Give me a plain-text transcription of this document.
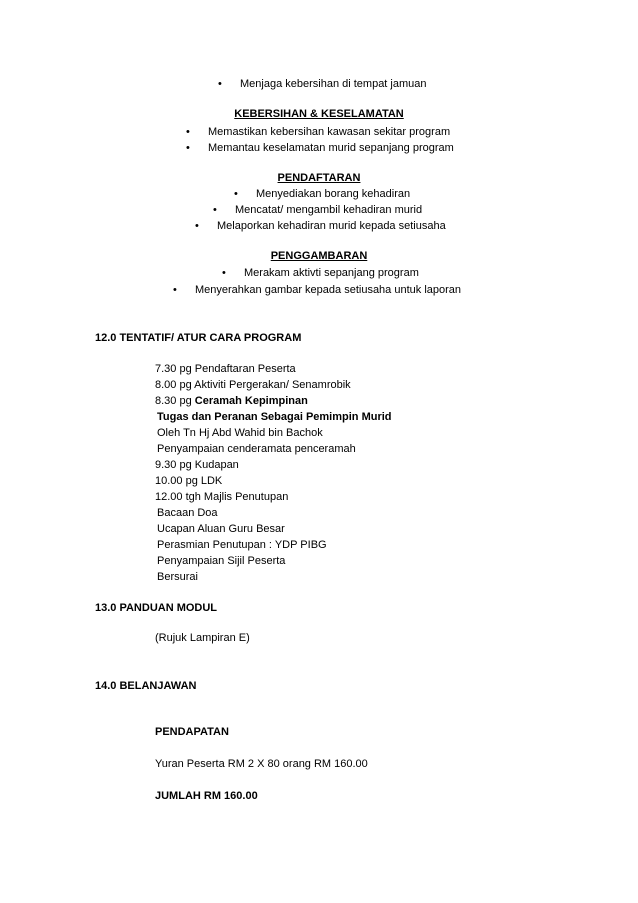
• Menjaga kebersihan di tempat jamuan
KEBERSIHAN & KESELAMATAN
• Memastikan kebersihan kawasan sekitar program
• Memantau keselamatan murid sepanjang program
PENDAFTARAN
• Menyediakan borang kehadiran
• Mencatat/ mengambil kehadiran murid
• Melaporkan kehadiran murid kepada setiusaha
PENGGAMBARAN
• Merakam aktivti sepanjang program
• Menyerahkan gambar kepada setiusaha untuk laporan
12.0 TENTATIF/ ATUR CARA PROGRAM
7.30 pg Pendaftaran Peserta
8.00 pg Aktiviti Pergerakan/ Senamrobik
8.30 pg Ceramah Kepimpinan
Tugas dan Peranan Sebagai Pemimpin Murid
Oleh Tn Hj Abd Wahid bin Bachok
Penyampaian cenderamata penceramah
9.30 pg Kudapan
10.00 pg LDK
12.00 tgh Majlis Penutupan
Bacaan Doa
Ucapan Aluan Guru Besar
Perasmian Penutupan : YDP PIBG
Penyampaian Sijil Peserta
Bersurai
13.0 PANDUAN MODUL
(Rujuk Lampiran E)
14.0 BELANJAWAN
PENDAPATAN
Yuran Peserta RM 2 X 80 orang RM 160.00
JUMLAH RM 160.00
